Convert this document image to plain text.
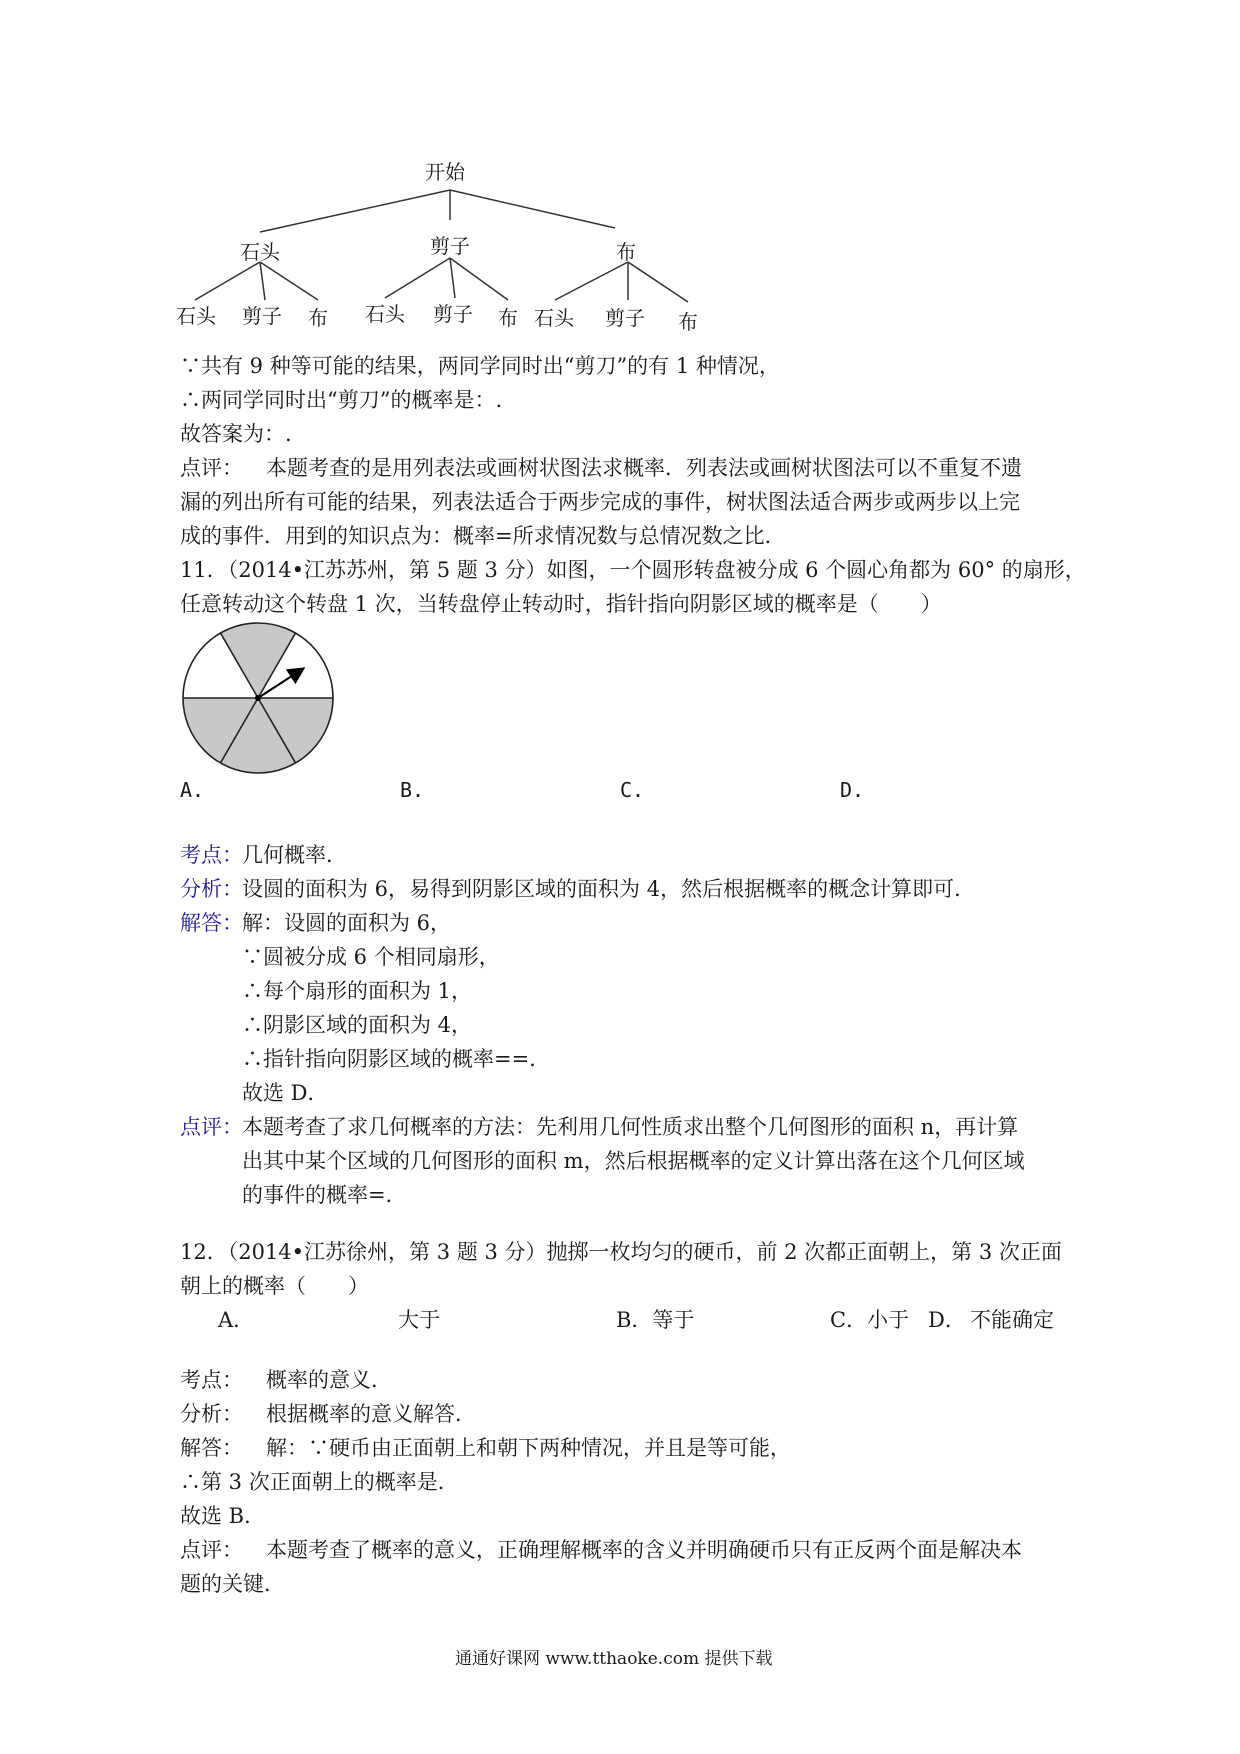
开始
石头	剪子	布
石头 剪子 布 石头 剪子 布 石头 剪子 布
∵共有 9 种等可能的结果，两同学同时出“剪刀”的有 1 种情况，
∴两同学同时出“剪刀”的概率是：.
故答案为：.
点评： 本题考查的是用列表法或画树状图法求概率．列表法或画树状图法可以不重复不遗
漏的列出所有可能的结果，列表法适合于两步完成的事件，树状图法适合两步或两步以上完
成的事件．用到的知识点为：概率=所求情况数与总情况数之比．
11．（2014•江苏苏州，第 5 题 3 分）如图，一个圆形转盘被分成 6 个圆心角都为 60° 的扇形，
任意转动这个转盘 1 次，当转盘停止转动时，指针指向阴影区域的概率是（　　）
A.	B.	C.	D.
考点： 几何概率．
分析： 设圆的面积为 6，易得到阴影区域的面积为 4，然后根据概率的概念计算即可．
解答： 解：设圆的面积为 6，
∵圆被分成 6 个相同扇形，
∴每个扇形的面积为 1，
∴阴影区域的面积为 4，
∴指针指向阴影区域的概率==．
故选 D．
点评： 本题考查了求几何概率的方法：先利用几何性质求出整个几何图形的面积 n，再计算
出其中某个区域的几何图形的面积 m，然后根据概率的定义计算出落在这个几何区域
的事件的概率=．
12．（2014•江苏徐州，第 3 题 3 分）抛掷一枚均匀的硬币，前 2 次都正面朝上，第 3 次正面
朝上的概率（　　）
A．	大于	B．等于	C．小于 D． 不能确定
考点： 概率的意义．
分析： 根据概率的意义解答．
解答： 解：∵硬币由正面朝上和朝下两种情况，并且是等可能，
∴第 3 次正面朝上的概率是．
故选 B．
点评： 本题考查了概率的意义，正确理解概率的含义并明确硬币只有正反两个面是解决本
题的关键．
通通好课网 www.tthaoke.com 提供下载
